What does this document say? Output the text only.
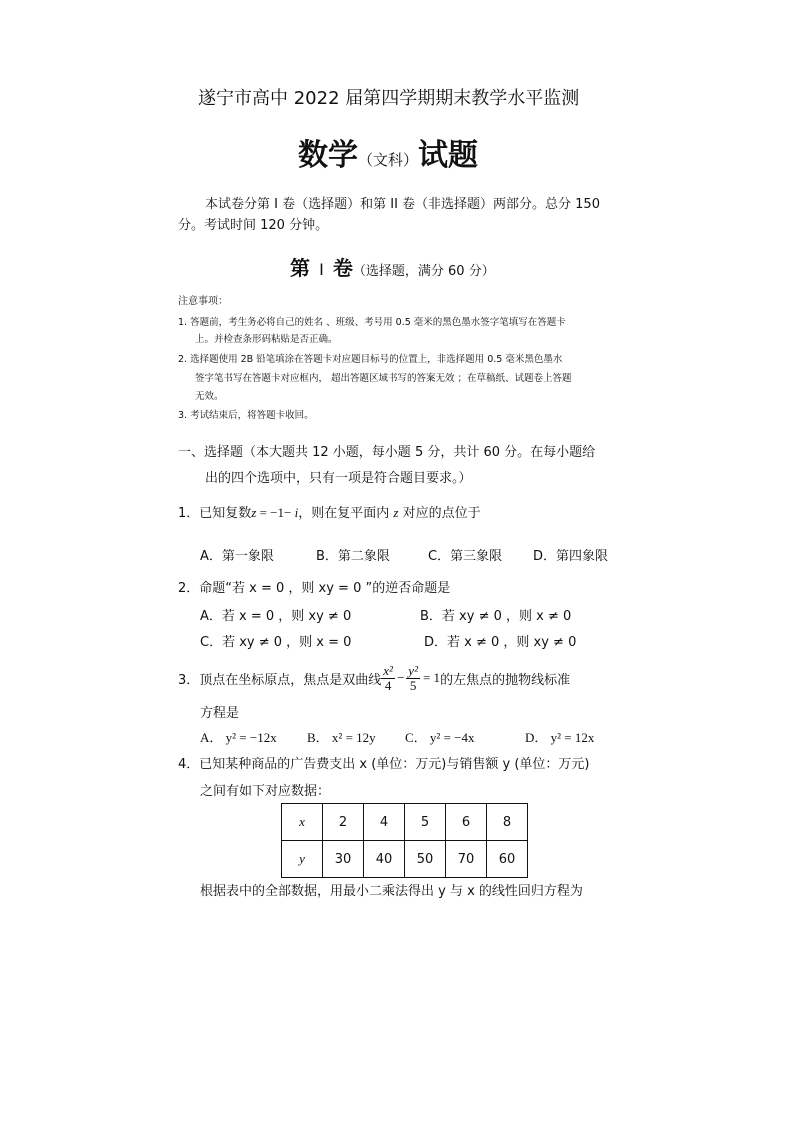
遂宁市高中 2022 届第四学期期末教学水平监测
数学（文科）试题
本试卷分第 I 卷（选择题）和第 II 卷（非选择题）两部分。总分 150
分。考试时间 120 分钟。
第 Ⅰ 卷（选择题，满分 60 分）
注意事项：
1. 答题前，考生务必将自己的姓名 、班级、考号用 0.5 毫米的黑色墨水签字笔填写在答题卡
上。并检查条形码粘贴是否正确。
2. 选择题使用 2B 铅笔填涂在答题卡对应题目标号的位置上，非选择题用 0.5 毫米黑色墨水
签字笔书写在答题卡对应框内， 超出答题区域书写的答案无效 ；在草稿纸、试题卷上答题
无效。
3. 考试结束后，将答题卡收回。
一、选择题（本大题共 12 小题，每小题 5 分，共计 60 分。在每小题给
出的四个选项中，只有一项是符合题目要求。）
1．已知复数z = −1− i，则在复平面内 z 对应的点位于
A．第一象限	B．第二象限	C．第三象限 D．第四象限
2．命题“若 x = 0 ，则 xy = 0 ”的逆否命题是
A．若 x = 0 ，则 xy ≠ 0	B．若 xy ≠ 0 ，则 x ≠ 0
C．若 xy ≠ 0 ，则 x = 0	D．若 x ≠ 0 ，则 xy ≠ 0
3．顶点在坐标原点，焦点是双曲线 $\frac{\text{x²}}{4} - \frac{\text{y²}}{5} = 1$ 的左焦点的抛物线标准
方程是
A． y² = −12x B． x² = 12y C． y² = −4x	D． y² = 12x
4．已知某种商品的广告费支出 x (单位：万元)与销售额 y (单位：万元)
之间有如下对应数据：
x	2	4	5	6	8
y	30	40	50	70	60
根据表中的全部数据，用最小二乘法得出 y 与 x 的线性回归方程为
